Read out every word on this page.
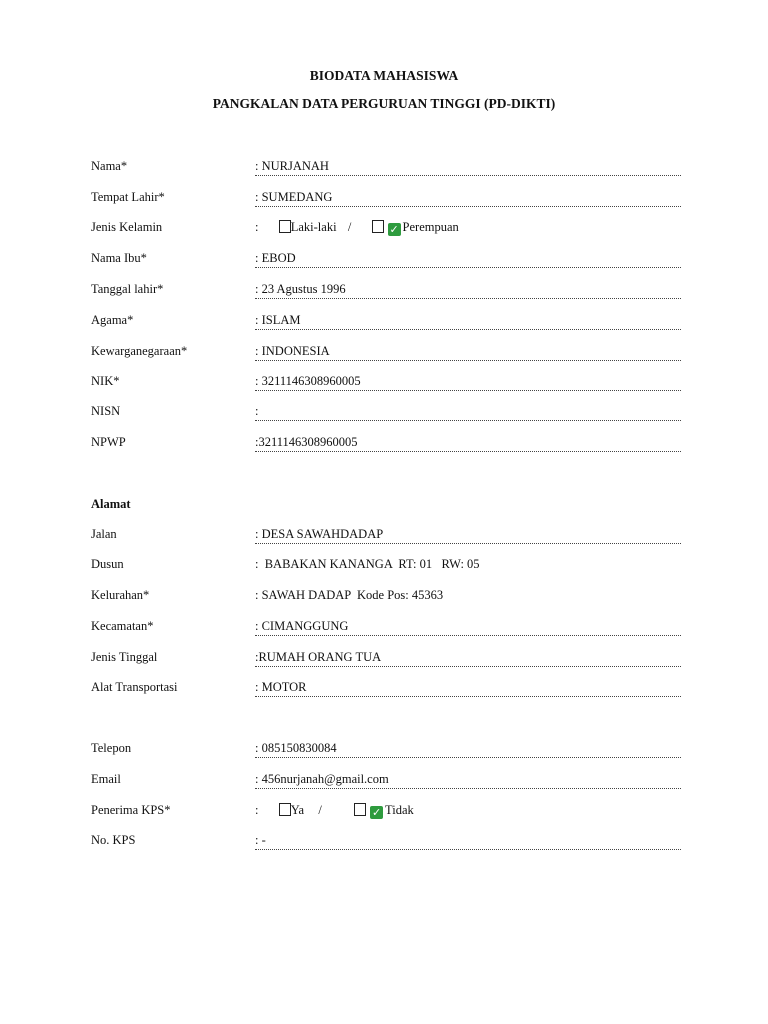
BIODATA MAHASISWA
PANGKALAN DATA PERGURUAN TINGGI (PD-DIKTI)
Nama*	: NURJANAH
Tempat Lahir*	: SUMEDANG
Jenis Kelamin	:	Laki-laki /	✓ Perempuan
Nama Ibu*	: EBOD
Tanggal lahir*	: 23 Agustus 1996
Agama*	: ISLAM
Kewarganegaraan*	: INDONESIA
NIK*	: 3211146308960005
NISN	:
NPWP	:3211146308960005
Alamat
Jalan	: DESA SAWAHDADAP
Dusun	:  BABAKAN KANANGA  RT: 01   RW: 05
Kelurahan*	: SAWAH DADAP  Kode Pos: 45363
Kecamatan*	: CIMANGGUNG
Jenis Tinggal	:RUMAH ORANG TUA
Alat Transportasi	: MOTOR
Telepon	: 085150830084
Email	: 456nurjanah@gmail.com
Penerima KPS*	:	Ya /	✓ Tidak
No. KPS	: -
